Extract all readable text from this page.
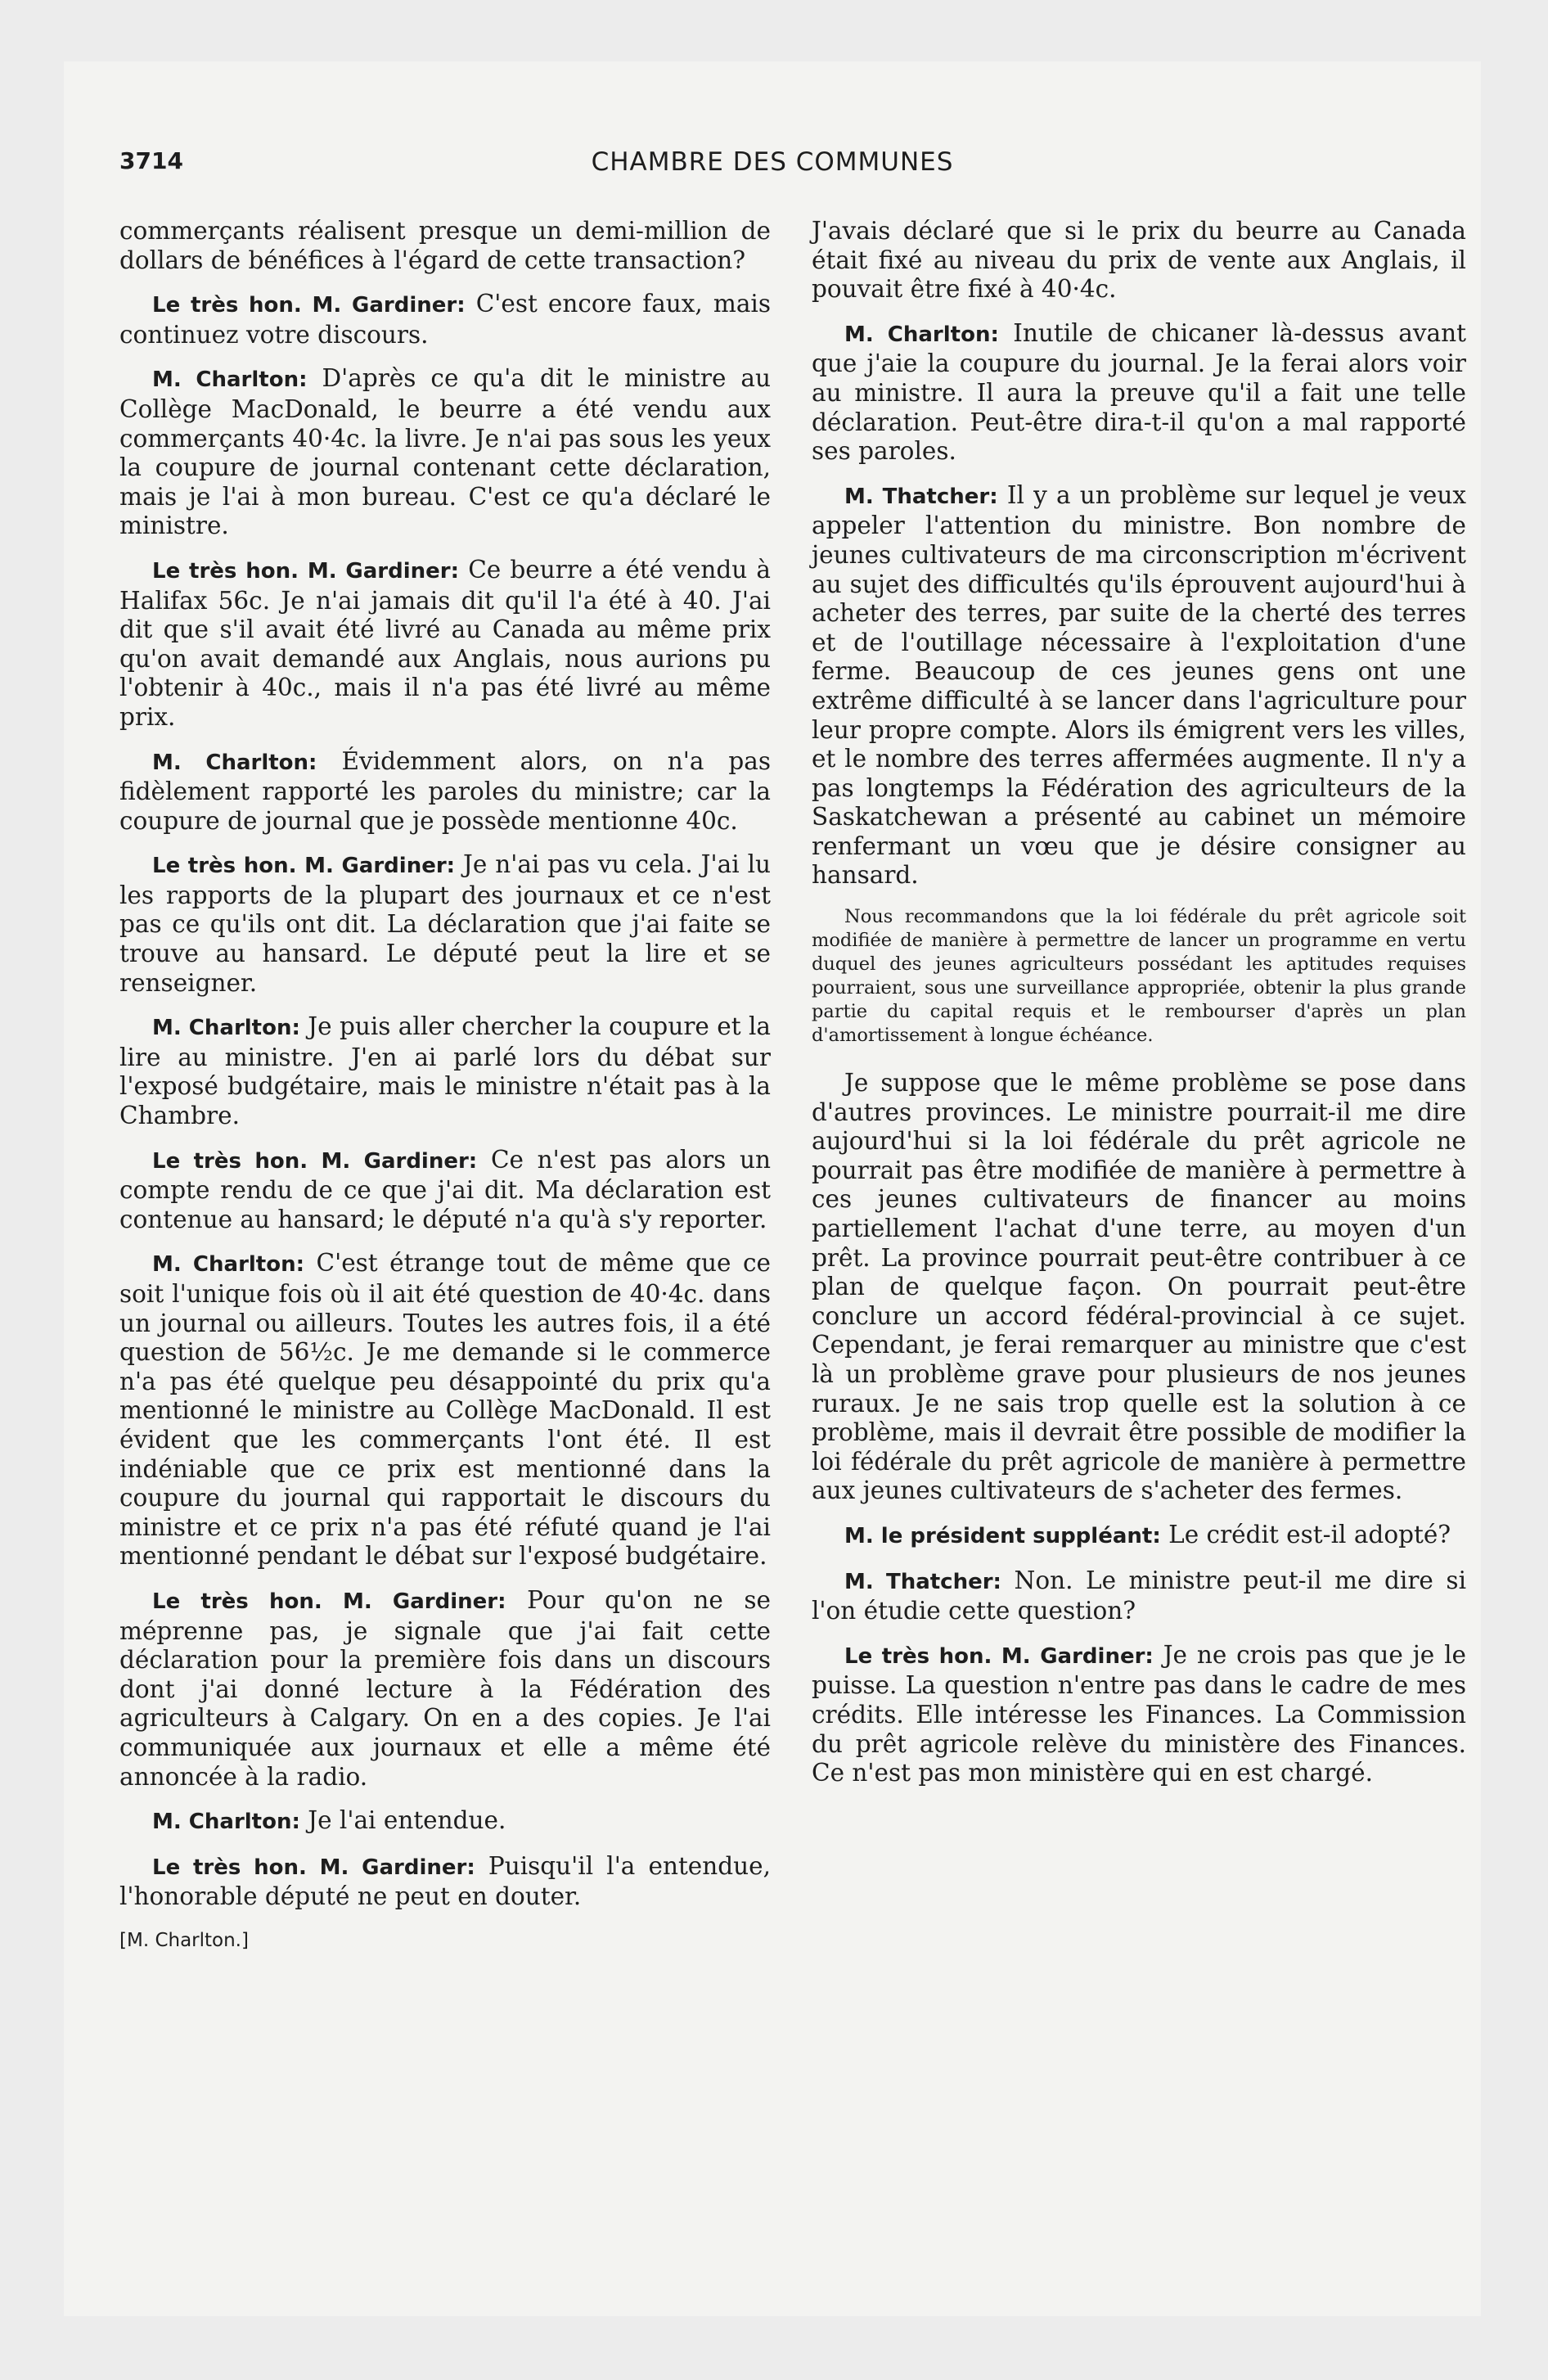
3714	CHAMBRE DES COMMUNES

commerçants réalisent presque un demi-million de dollars de bénéfices à l'égard de cette transaction?

Le très hon. M. Gardiner: C'est encore faux, mais continuez votre discours.

M. Charlton: D'après ce qu'a dit le ministre au Collège MacDonald, le beurre a été vendu aux commerçants 40·4c. la livre. Je n'ai pas sous les yeux la coupure de journal contenant cette déclaration, mais je l'ai à mon bureau. C'est ce qu'a déclaré le ministre.

Le très hon. M. Gardiner: Ce beurre a été vendu à Halifax 56c. Je n'ai jamais dit qu'il l'a été à 40. J'ai dit que s'il avait été livré au Canada au même prix qu'on avait demandé aux Anglais, nous aurions pu l'obtenir à 40c., mais il n'a pas été livré au même prix.

M. Charlton: Évidemment alors, on n'a pas fidèlement rapporté les paroles du ministre; car la coupure de journal que je possède mentionne 40c.

Le très hon. M. Gardiner: Je n'ai pas vu cela. J'ai lu les rapports de la plupart des journaux et ce n'est pas ce qu'ils ont dit. La déclaration que j'ai faite se trouve au hansard. Le député peut la lire et se renseigner.

M. Charlton: Je puis aller chercher la coupure et la lire au ministre. J'en ai parlé lors du débat sur l'exposé budgétaire, mais le ministre n'était pas à la Chambre.

Le très hon. M. Gardiner: Ce n'est pas alors un compte rendu de ce que j'ai dit. Ma déclaration est contenue au hansard; le député n'a qu'à s'y reporter.

M. Charlton: C'est étrange tout de même que ce soit l'unique fois où il ait été question de 40·4c. dans un journal ou ailleurs. Toutes les autres fois, il a été question de 56½c. Je me demande si le commerce n'a pas été quelque peu désappointé du prix qu'a mentionné le ministre au Collège MacDonald. Il est évident que les commerçants l'ont été. Il est indéniable que ce prix est mentionné dans la coupure du journal qui rapportait le discours du ministre et ce prix n'a pas été réfuté quand je l'ai mentionné pendant le débat sur l'exposé budgétaire.

Le très hon. M. Gardiner: Pour qu'on ne se méprenne pas, je signale que j'ai fait cette déclaration pour la première fois dans un discours dont j'ai donné lecture à la Fédération des agriculteurs à Calgary. On en a des copies. Je l'ai communiquée aux journaux et elle a même été annoncée à la radio.

M. Charlton: Je l'ai entendue.

Le très hon. M. Gardiner: Puisqu'il l'a entendue, l'honorable député ne peut en douter.

[M. Charlton.]

J'avais déclaré que si le prix du beurre au Canada était fixé au niveau du prix de vente aux Anglais, il pouvait être fixé à 40·4c.

M. Charlton: Inutile de chicaner là-dessus avant que j'aie la coupure du journal. Je la ferai alors voir au ministre. Il aura la preuve qu'il a fait une telle déclaration. Peut-être dira-t-il qu'on a mal rapporté ses paroles.

M. Thatcher: Il y a un problème sur lequel je veux appeler l'attention du ministre. Bon nombre de jeunes cultivateurs de ma circonscription m'écrivent au sujet des difficultés qu'ils éprouvent aujourd'hui à acheter des terres, par suite de la cherté des terres et de l'outillage nécessaire à l'exploitation d'une ferme. Beaucoup de ces jeunes gens ont une extrême difficulté à se lancer dans l'agriculture pour leur propre compte. Alors ils émigrent vers les villes, et le nombre des terres affermées augmente. Il n'y a pas longtemps la Fédération des agriculteurs de la Saskatchewan a présenté au cabinet un mémoire renfermant un vœu que je désire consigner au hansard.

Nous recommandons que la loi fédérale du prêt agricole soit modifiée de manière à permettre de lancer un programme en vertu duquel des jeunes agriculteurs possédant les aptitudes requises pourraient, sous une surveillance appropriée, obtenir la plus grande partie du capital requis et le rembourser d'après un plan d'amortissement à longue échéance.

Je suppose que le même problème se pose dans d'autres provinces. Le ministre pourrait-il me dire aujourd'hui si la loi fédérale du prêt agricole ne pourrait pas être modifiée de manière à permettre à ces jeunes cultivateurs de financer au moins partiellement l'achat d'une terre, au moyen d'un prêt. La province pourrait peut-être contribuer à ce plan de quelque façon. On pourrait peut-être conclure un accord fédéral-provincial à ce sujet. Cependant, je ferai remarquer au ministre que c'est là un problème grave pour plusieurs de nos jeunes ruraux. Je ne sais trop quelle est la solution à ce problème, mais il devrait être possible de modifier la loi fédérale du prêt agricole de manière à permettre aux jeunes cultivateurs de s'acheter des fermes.

M. le président suppléant: Le crédit est-il adopté?

M. Thatcher: Non. Le ministre peut-il me dire si l'on étudie cette question?

Le très hon. M. Gardiner: Je ne crois pas que je le puisse. La question n'entre pas dans le cadre de mes crédits. Elle intéresse les Finances. La Commission du prêt agricole relève du ministère des Finances. Ce n'est pas mon ministère qui en est chargé.
